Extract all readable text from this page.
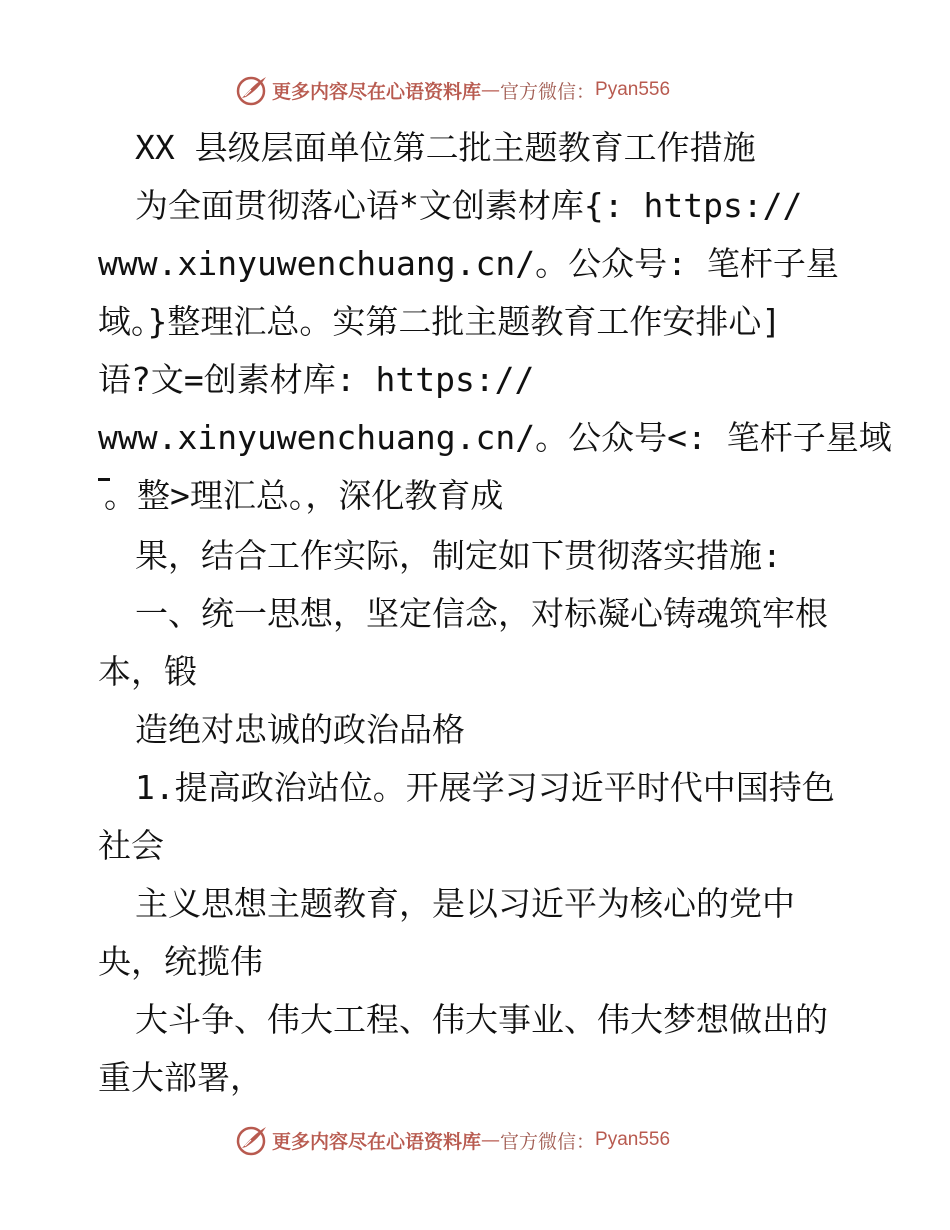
更多内容尽在心语资料库 — 官方微信： Pyan556
XX 县级层面单位第二批主题教育工作措施
为全面贯彻落心语*文创素材库{: https://
www.xinyuwenchuang.cn/。公众号: 笔杆子星
域。}整理汇总。实第二批主题教育工作安排心]
语?文=创素材库: https://
www.xinyuwenchuang.cn/。公众号<: 笔杆子星域
。整>理汇总。，深化教育成
果，结合工作实际，制定如下贯彻落实措施:
一、统一思想，坚定信念，对标凝心铸魂筑牢根
本，锻
造绝对忠诚的政治品格
1.提高政治站位。开展学习习近平时代中国持色
社会
主义思想主题教育，是以习近平为核心的党中
央，统揽伟
大斗争、伟大工程、伟大事业、伟大梦想做出的
重大部署，
更多内容尽在心语资料库 — 官方微信： Pyan556
